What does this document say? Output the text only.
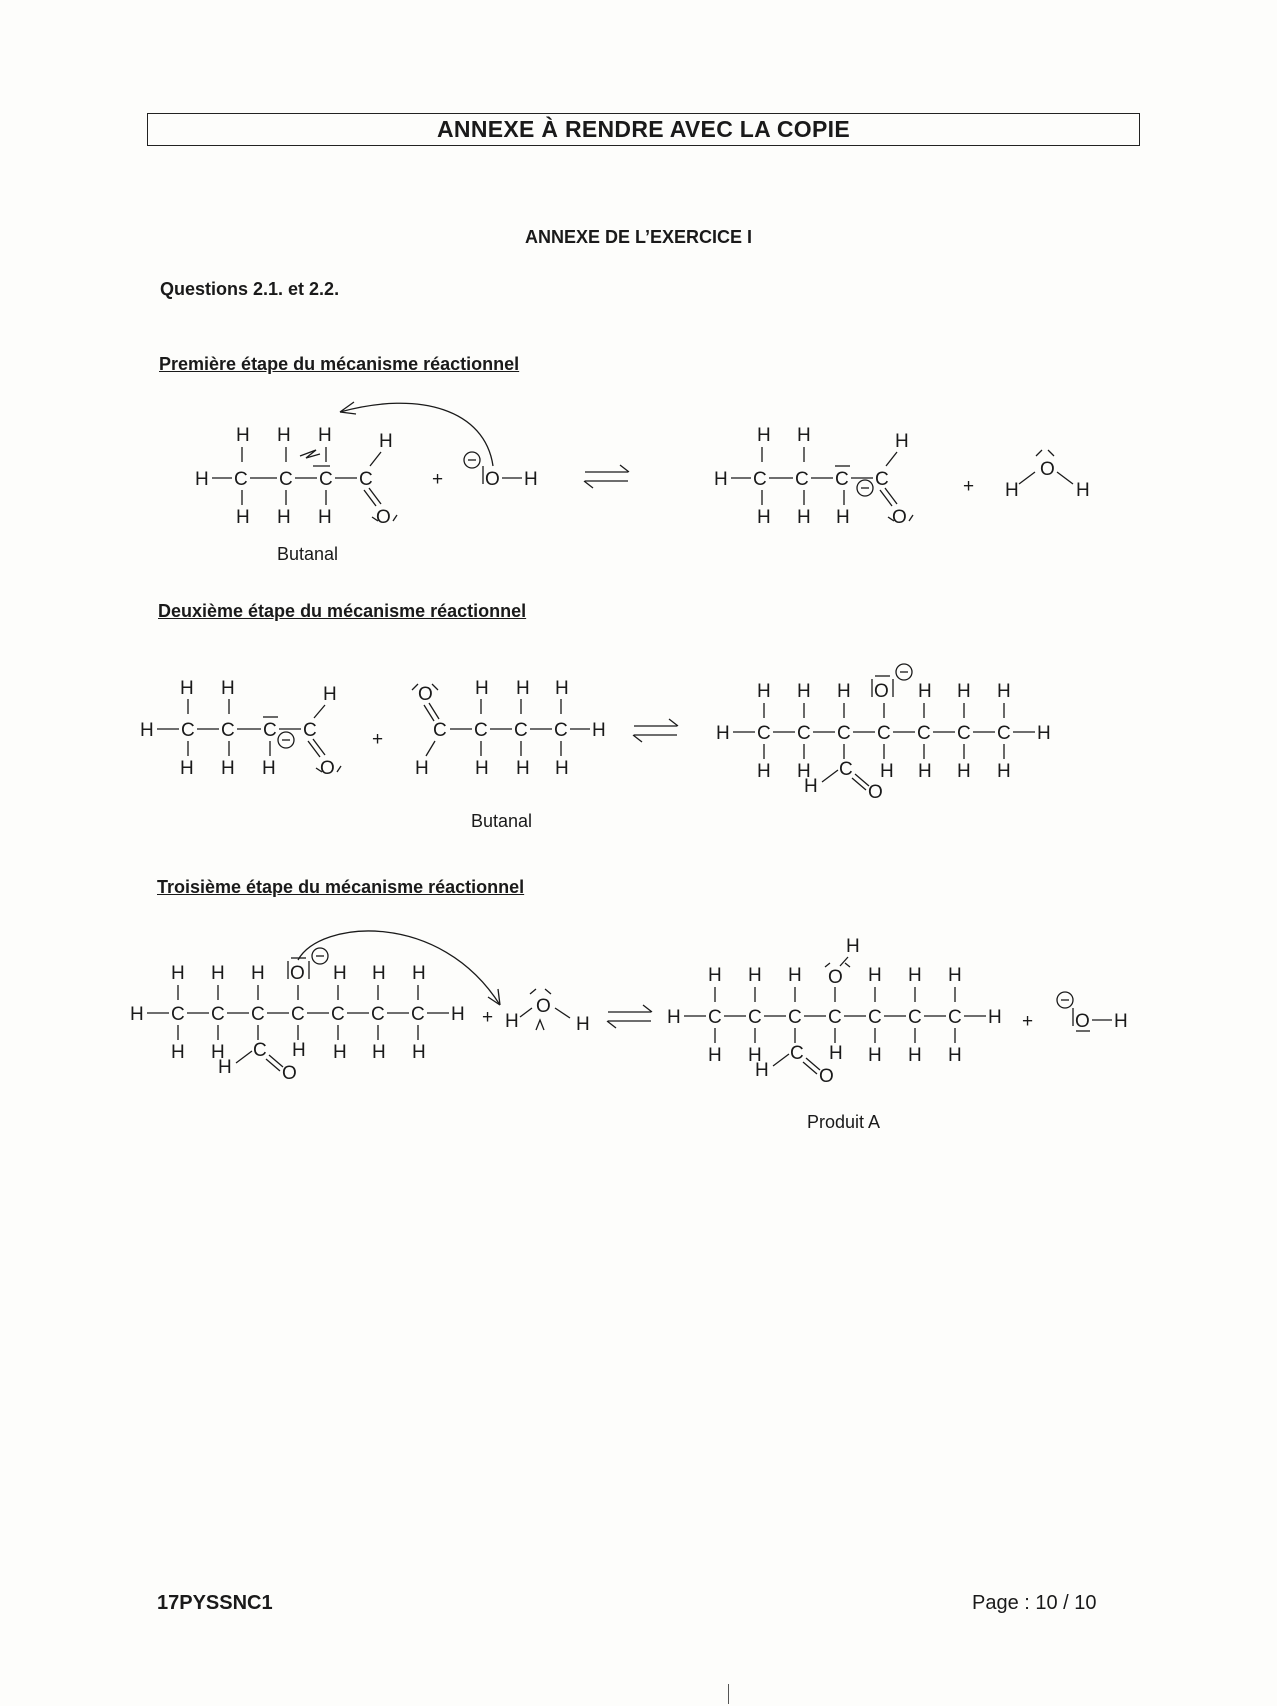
ANNEXE À RENDRE AVEC LA COPIE
ANNEXE DE L’EXERCICE I
Questions 2.1. et 2.2.
Première étape du mécanisme réactionnel
H C C C C
H H H
H H H
H
O
+ O H	H C C C C
H H
H H H
H
O
+ H
O
H
Butanal
Deuxième étape du mécanisme réactionnel
H C C C C
H H
H H H
H
O
+
O
C
H
C C C H
H H H
H H H
H C C C C C C C H
H H H O H H H
H H C
H	O
H H H H
Butanal
Troisième étape du mécanisme réactionnel
H C C C C C C C H
H H H O H H H
H H C
H	O
H H H H
+ H
O
H	H C C C C C C C H
H H H
H
O H H H
H H C
H	O
H H H H
+ O H
Produit A
17PYSSNC1	Page : 10 / 10
